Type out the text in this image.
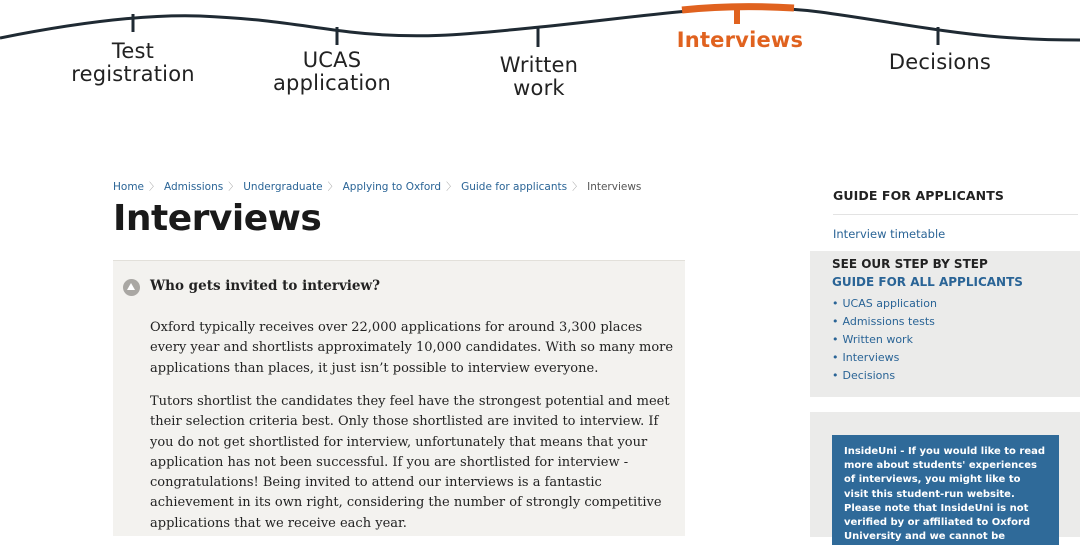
Test
registration
UCAS
application
Written
work
Interviews
Decisions
Home 〉 Admissions 〉 Undergraduate 〉 Applying to Oxford 〉 Guide for applicants 〉 Interviews
Interviews
Who gets invited to interview?

Oxford typically receives over 22,000 applications for around 3,300 places every year and shortlists approximately 10,000 candidates. With so many more applications than places, it just isn’t possible to interview everyone.

Tutors shortlist the candidates they feel have the strongest potential and meet their selection criteria best. Only those shortlisted are invited to interview. If you do not get shortlisted for interview, unfortunately that means that your application has not been successful. If you are shortlisted for interview - congratulations! Being invited to attend our interviews is a fantastic achievement in its own right, considering the number of strongly competitive applications that we receive each year.

GUIDE FOR APPLICANTS
Interview timetable
SEE OUR STEP BY STEP
GUIDE FOR ALL APPLICANTS
• UCAS application
• Admissions tests
• Written work
• Interviews
• Decisions

InsideUni - If you would like to read more about students' experiences of interviews, you might like to visit this student-run website. Please note that InsideUni is not verified by or affiliated to Oxford University and we cannot be
